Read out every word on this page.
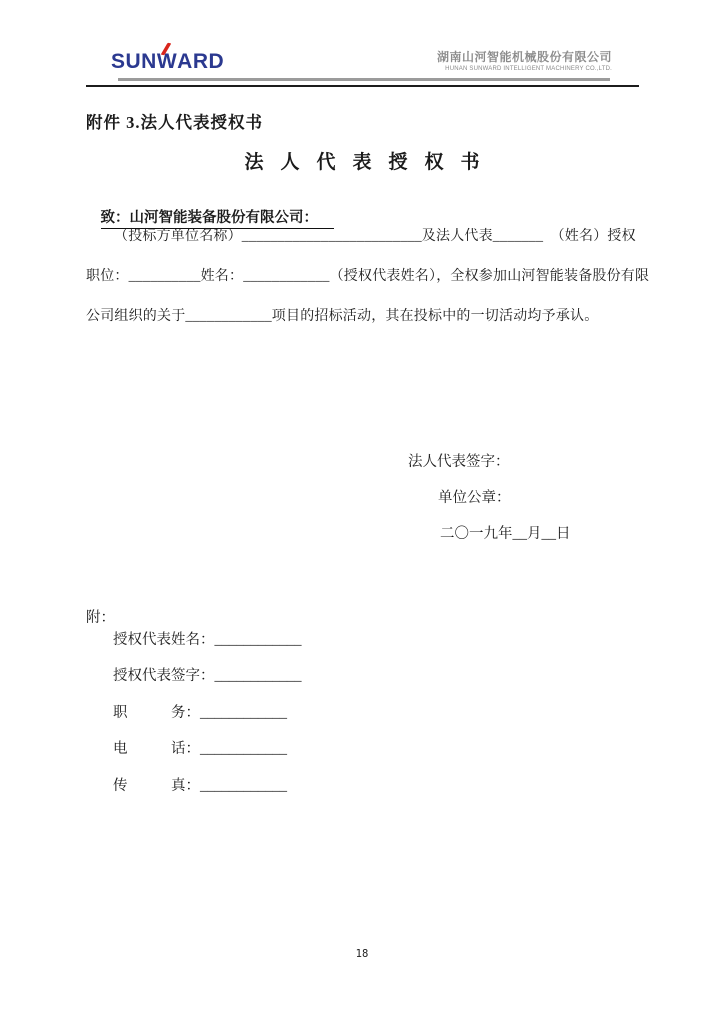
SUNW
ARD	湖南山河智能机械股份有限公司
HUNAN SUNWARD INTELLIGENT MACHINERY CO.,LTD.
附件 3.法人代表授权书
法人代表授权书

致：山河智能装备股份有限公司：

（投标方单位名称）_________________________及法人代表_______  （姓名）授权

职位：__________姓名：____________（授权代表姓名），全权参加山河智能装备股份有限

公司组织的关于____________项目的招标活动，其在投标中的一切活动均予承认。

法人代表签字：

单位公章：

二〇一九年__月__日

附：

授权代表姓名：____________

授权代表签字：____________

职　　　务：____________

电　　　话：____________

传　　　真：____________

18
